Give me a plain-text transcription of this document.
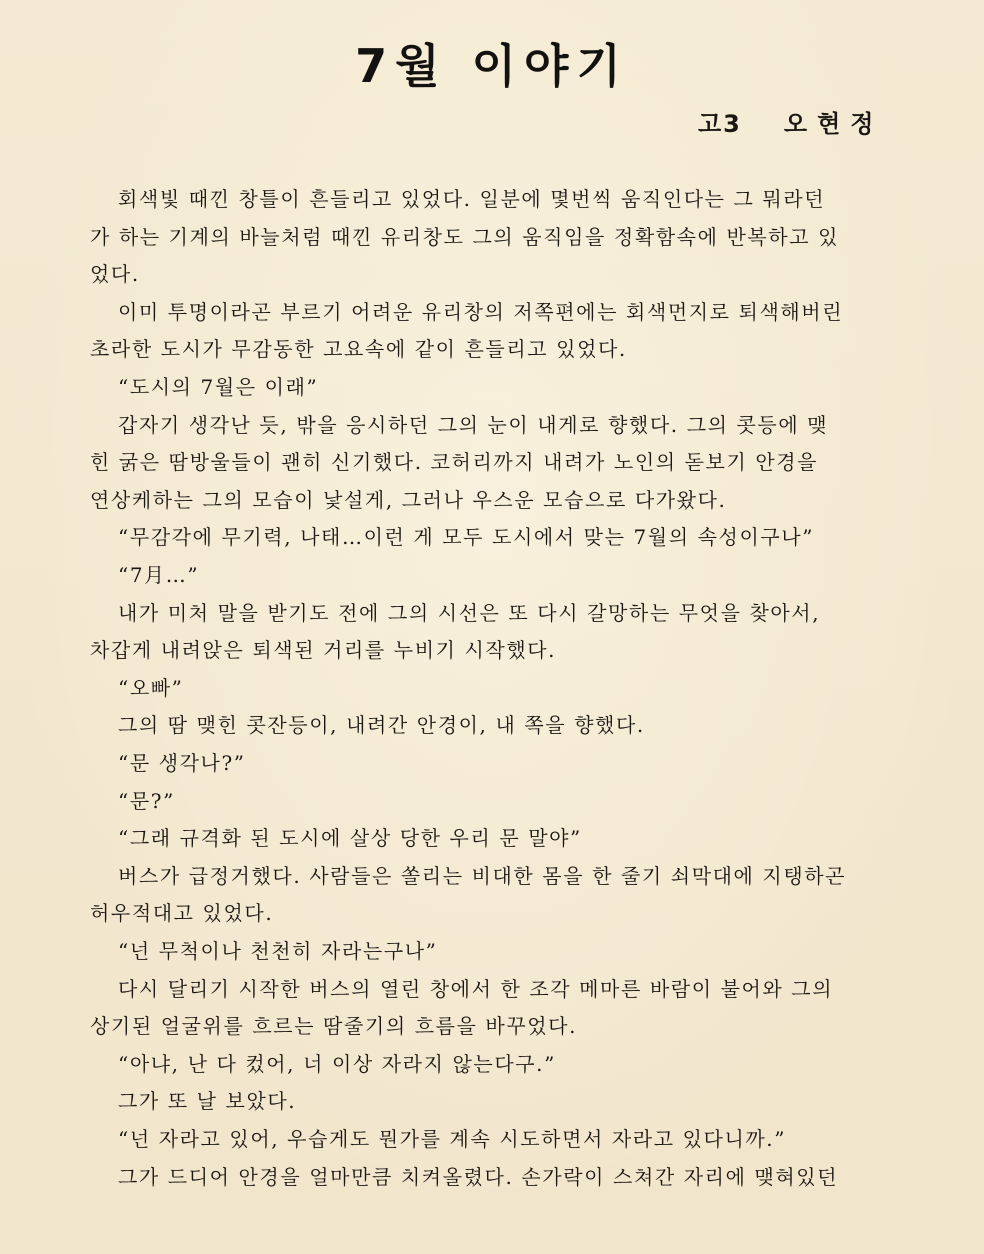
7월 이야기
고3 오현정
회색빛 때낀 창틀이 흔들리고 있었다. 일분에 몇번씩 움직인다는 그 뭐라던
가 하는 기계의 바늘처럼 때낀 유리창도 그의 움직임을 정확함속에 반복하고 있
었다.
이미 투명이라곤 부르기 어려운 유리창의 저쪽편에는 회색먼지로 퇴색해버린
초라한 도시가 무감동한 고요속에 같이 흔들리고 있었다.
“도시의 7월은 이래”
갑자기 생각난 듯, 밖을 응시하던 그의 눈이 내게로 향했다. 그의 콧등에 맺
힌 굵은 땀방울들이 괜히 신기했다. 코허리까지 내려가 노인의 돋보기 안경을
연상케하는 그의 모습이 낯설게, 그러나 우스운 모습으로 다가왔다.
“무감각에 무기력, 나태…이런 게 모두 도시에서 맞는 7월의 속성이구나”
“7月…”
내가 미처 말을 받기도 전에 그의 시선은 또 다시 갈망하는 무엇을 찾아서,
차갑게 내려앉은 퇴색된 거리를 누비기 시작했다.
“오빠”
그의 땀 맺힌 콧잔등이, 내려간 안경이, 내 쪽을 향했다.
“문 생각나?”
“문?”
“그래 규격화 된 도시에 살상 당한 우리 문 말야”
버스가 급정거했다. 사람들은 쏠리는 비대한 몸을 한 줄기 쇠막대에 지탱하곤
허우적대고 있었다.
“넌 무척이나 천천히 자라는구나”
다시 달리기 시작한 버스의 열린 창에서 한 조각 메마른 바람이 불어와 그의
상기된 얼굴위를 흐르는 땀줄기의 흐름을 바꾸었다.
“아냐, 난 다 컸어, 너 이상 자라지 않는다구.”
그가 또 날 보았다.
“넌 자라고 있어, 우습게도 뭔가를 계속 시도하면서 자라고 있다니까.”
그가 드디어 안경을 얼마만큼 치켜올렸다. 손가락이 스쳐간 자리에 맺혀있던
